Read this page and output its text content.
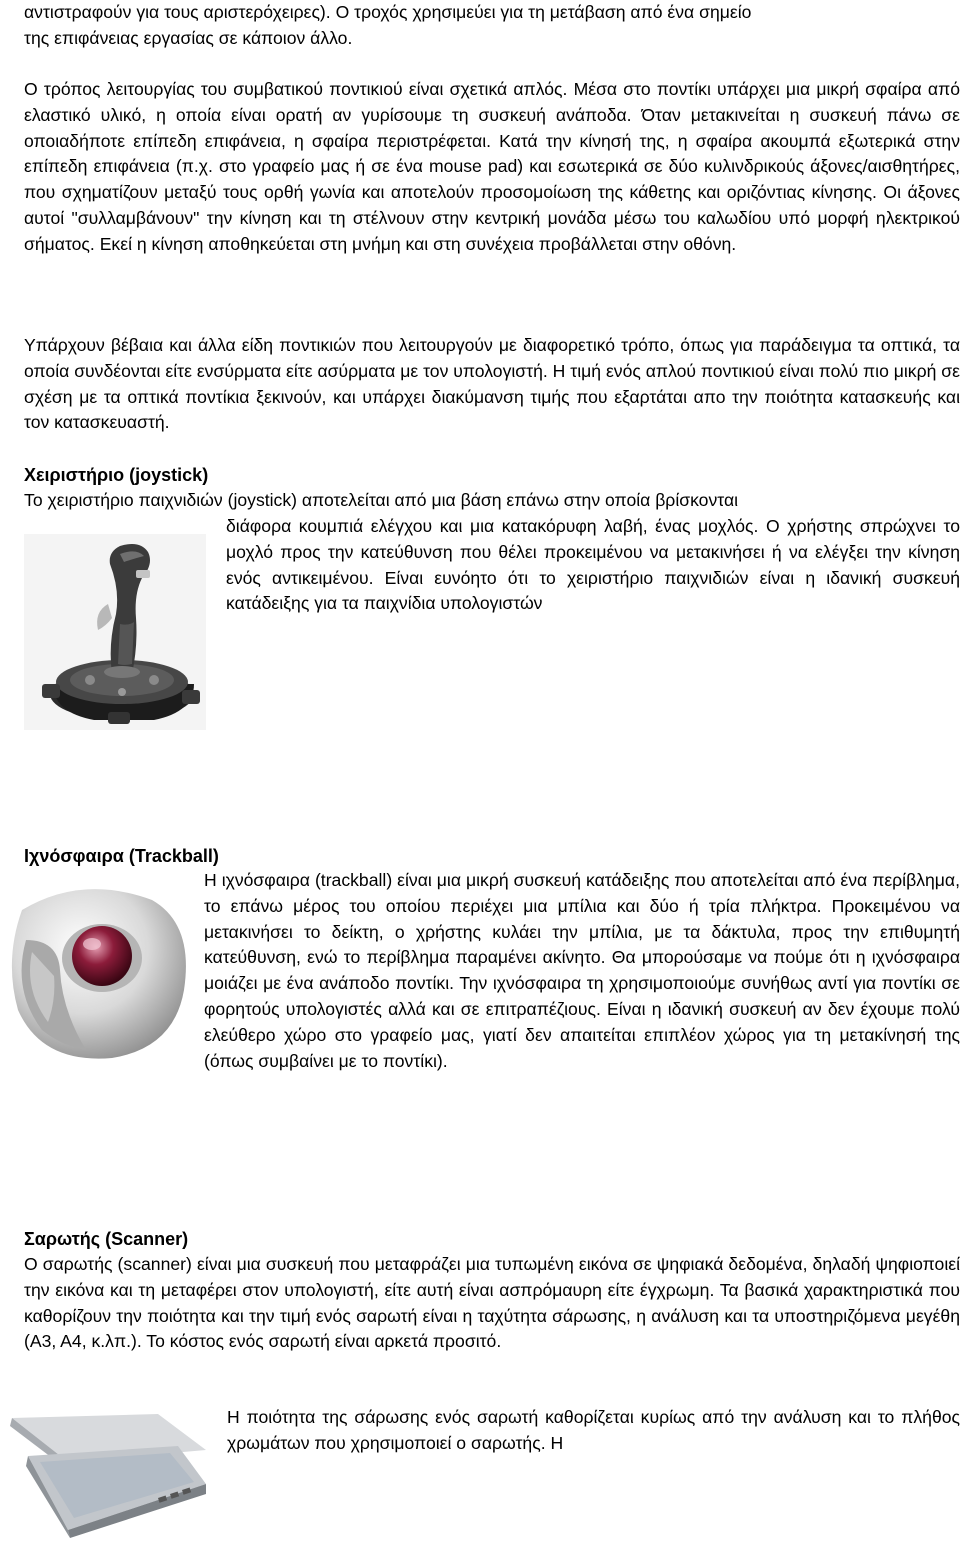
αντιστραφούν για τους αριστερόχειρες). Ο τροχός χρησιμεύει για τη μετάβαση από ένα σημείο

της επιφάνειας εργασίας σε κάποιον άλλο.

Ο τρόπος λειτουργίας του συμβατικού ποντικιού είναι σχετικά απλός. Μέσα στο ποντίκι υπάρχει μια μικρή σφαίρα από ελαστικό υλικό, η οποία είναι ορατή αν γυρίσουμε τη συσκευή ανάποδα. Όταν μετακινείται η συσκευή πάνω σε οποιαδήποτε επίπεδη επιφάνεια, η σφαίρα περιστρέφεται. Κατά την κίνησή της, η σφαίρα ακουμπά εξωτερικά στην επίπεδη επιφάνεια (π.χ. στο γραφείο μας ή σε ένα mouse pad) και εσωτερικά σε δύο κυλινδρικούς άξονες/αισθητήρες, που σχηματίζουν μεταξύ τους ορθή γωνία και αποτελούν προσομοίωση της κάθετης και οριζόντιας κίνησης. Οι άξονες αυτοί "συλλαμβάνουν" την κίνηση και τη στέλνουν στην κεντρική μονάδα μέσω του καλωδίου υπό μορφή ηλεκτρικού σήματος. Εκεί η κίνηση αποθηκεύεται στη μνήμη και στη συνέχεια προβάλλεται στην οθόνη.

Υπάρχουν βέβαια και άλλα είδη ποντικιών που λειτουργούν με διαφορετικό τρόπο, όπως για παράδειγμα τα οπτικά, τα οποία συνδέονται είτε ενσύρματα είτε ασύρματα με τον υπολογιστή. Η τιμή ενός απλού ποντικιού είναι πολύ πιο μικρή σε σχέση με τα οπτικά ποντίκια ξεκινούν, και υπάρχει διακύμανση τιμής που εξαρτάται απο την ποιότητα κατασκευής και τον κατασκευαστή.

Χειριστήριο (joystick)

Το χειριστήριο παιχνιδιών (joystick) αποτελείται από μια βάση επάνω στην οποία βρίσκονται

διάφορα κουμπιά ελέγχου και μια κατακόρυφη λαβή, ένας μοχλός. Ο χρήστης σπρώχνει το μοχλό προς την κατεύθυνση που θέλει προκειμένου να μετακινήσει ή να ελέγξει την κίνηση ενός αντικειμένου. Είναι ευνόητο ότι το χειριστήριο παιχνιδιών είναι η ιδανική συσκευή κατάδειξης για τα παιχνίδια υπολογιστών

Ιχνόσφαιρα (Trackball)

Η ιχνόσφαιρα (trackball) είναι μια μικρή συσκευή κατάδειξης που αποτελείται από ένα περίβλημα, το επάνω μέρος του οποίου περιέχει μια μπίλια και δύο ή τρία πλήκτρα. Προκειμένου να μετακινήσει το δείκτη, ο χρήστης κυλάει την μπίλια, με τα δάκτυλα, προς την επιθυμητή κατεύθυνση, ενώ το περίβλημα παραμένει ακίνητο. Θα μπορούσαμε να πούμε ότι η ιχνόσφαιρα μοιάζει με ένα ανάποδο ποντίκι. Την ιχνόσφαιρα τη χρησιμοποιούμε συνήθως αντί για ποντίκι σε φορητούς υπολογιστές αλλά και σε επιτραπέζιους. Είναι η ιδανική συσκευή αν δεν έχουμε πολύ ελεύθερο χώρο στο γραφείο μας, γιατί δεν απαιτείται επιπλέον χώρος για τη μετακίνησή της (όπως συμβαίνει με το ποντίκι).

Σαρωτής (Scanner)

Ο σαρωτής (scanner) είναι μια συσκευή που μεταφράζει μια τυπωμένη εικόνα σε ψηφιακά δεδομένα, δηλαδή ψηφιοποιεί την εικόνα και τη μεταφέρει στον υπολογιστή, είτε αυτή είναι ασπρόμαυρη είτε έγχρωμη. Τα βασικά χαρακτηριστικά που καθορίζουν την ποιότητα και την τιμή ενός σαρωτή είναι η ταχύτητα σάρωσης, η ανάλυση και τα υποστηριζόμενα μεγέθη (A3, A4, κ.λπ.). Το κόστος ενός σαρωτή είναι αρκετά προσιτό.

Η ποιότητα της σάρωσης ενός σαρωτή καθορίζεται κυρίως από την ανάλυση και το πλήθος χρωμάτων που χρησιμοποιεί ο σαρωτής. Η
